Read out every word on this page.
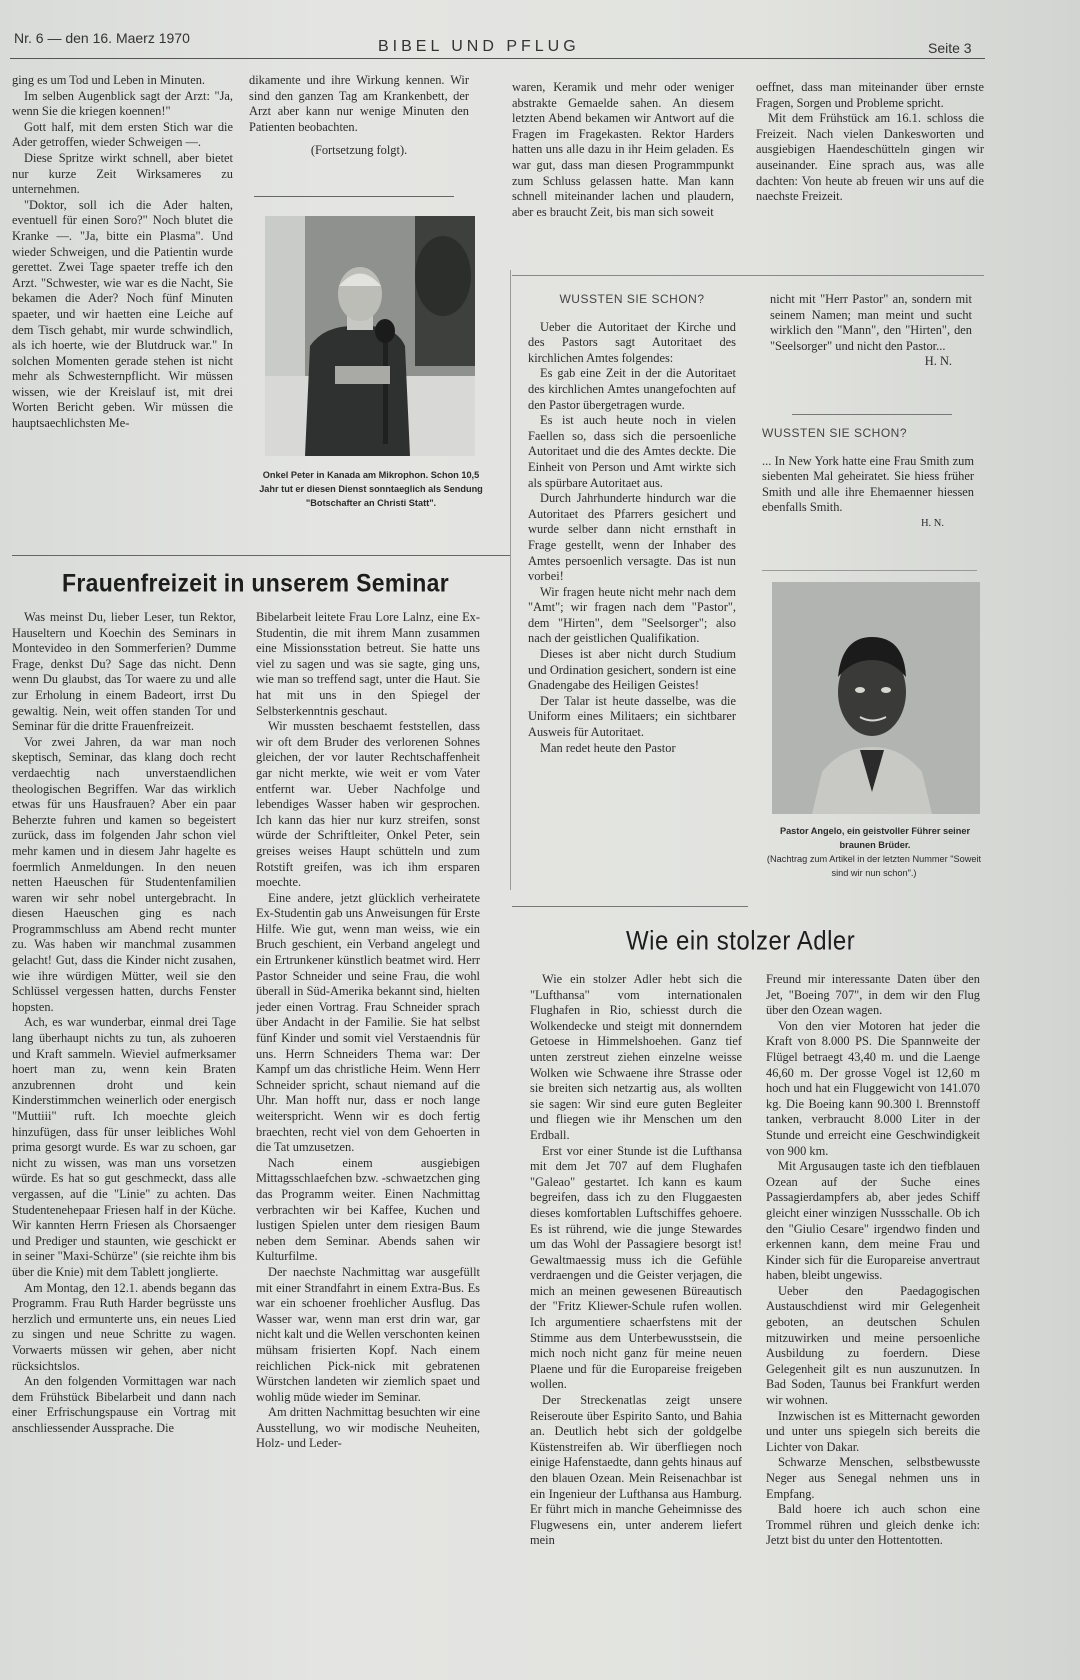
Nr. 6 — den 16. Maerz 1970	BIBEL UND PFLUG	Seite 3

ging es um Tod und Leben in Minuten.

Im selben Augenblick sagt der Arzt: "Ja, wenn Sie die kriegen koennen!"

Gott half, mit dem ersten Stich war die Ader getroffen, wieder Schweigen —.

Diese Spritze wirkt schnell, aber bietet nur kurze Zeit Wirksameres zu unternehmen.

"Doktor, soll ich die Ader halten, eventuell für einen Soro?" Noch blutet die Kranke —. "Ja, bitte ein Plasma". Und wieder Schweigen, und die Patientin wurde gerettet. Zwei Tage spaeter treffe ich den Arzt. "Schwester, wie war es die Nacht, Sie bekamen die Ader? Noch fünf Minuten spaeter, und wir haetten eine Leiche auf dem Tisch gehabt, mir wurde schwindlich, als ich hoerte, wie der Blutdruck war." In solchen Momenten gerade stehen ist nicht mehr als Schwesternpflicht. Wir müssen wissen, wie der Kreislauf ist, mit drei Worten Bericht geben. Wir müssen die hauptsaechlichsten Me-

dikamente und ihre Wirkung kennen. Wir sind den ganzen Tag am Krankenbett, der Arzt aber kann nur wenige Minuten den Patienten beobachten.

(Fortsetzung folgt).

Onkel Peter in Kanada am Mikrophon. Schon 10,5 Jahr tut er diesen Dienst sonntaeglich als Sendung "Botschafter an Christi Statt".

waren, Keramik und mehr oder weniger abstrakte Gemaelde sahen. An diesem letzten Abend bekamen wir Antwort auf die Fragen im Fragekasten. Rektor Harders hatten uns alle dazu in ihr Heim geladen. Es war gut, dass man diesen Programmpunkt zum Schluss gelassen hatte. Man kann schnell miteinander lachen und plaudern, aber es braucht Zeit, bis man sich soweit

oeffnet, dass man miteinander über ernste Fragen, Sorgen und Probleme spricht.

Mit dem Frühstück am 16.1. schloss die Freizeit. Nach vielen Dankesworten und ausgiebigen Haendeschütteln gingen wir auseinander. Eine sprach aus, was alle dachten: Von heute ab freuen wir uns auf die naechste Freizeit.

WUSSTEN SIE SCHON?

Ueber die Autoritaet der Kirche und des Pastors sagt Autoritaet des kirchlichen Amtes folgendes:

Es gab eine Zeit in der die Autoritaet des kirchlichen Amtes unangefochten auf den Pastor übergetragen wurde.

Es ist auch heute noch in vielen Faellen so, dass sich die persoenliche Autoritaet und die des Amtes deckte. Die Einheit von Person und Amt wirkte sich als spürbare Autoritaet aus.

Durch Jahrhunderte hindurch war die Autoritaet des Pfarrers gesichert und wurde selber dann nicht ernsthaft in Frage gestellt, wenn der Inhaber des Amtes persoenlich versagte. Das ist nun vorbei!

Wir fragen heute nicht mehr nach dem "Amt"; wir fragen nach dem "Pastor", dem "Hirten", dem "Seelsorger"; also nach der geistlichen Qualifikation.

Dieses ist aber nicht durch Studium und Ordination gesichert, sondern ist eine Gnadengabe des Heiligen Geistes!

Der Talar ist heute dasselbe, was die Uniform eines Militaers; ein sichtbarer Ausweis für Autoritaet.

Man redet heute den Pastor

nicht mit "Herr Pastor" an, sondern mit seinem Namen; man meint und sucht wirklich den "Mann", den "Hirten", den "Seelsorger" und nicht den Pastor...

H. N.
WUSSTEN SIE SCHON?

... In New York hatte eine Frau Smith zum siebenten Mal geheiratet. Sie hiess früher Smith und alle ihre Ehemaenner hiessen ebenfalls Smith.

H. N.
Pastor Angelo, ein geistvoller Führer seiner braunen Brüder.
(Nachtrag zum Artikel in der letzten Nummer "Soweit sind wir nun schon".)
Frauenfreizeit in unserem Seminar

Was meinst Du, lieber Leser, tun Rektor, Hauseltern und Koechin des Seminars in Montevideo in den Sommerferien? Dumme Frage, denkst Du? Sage das nicht. Denn wenn Du glaubst, das Tor waere zu und alle zur Erholung in einem Badeort, irrst Du gewaltig. Nein, weit offen standen Tor und Seminar für die dritte Frauenfreizeit.

Vor zwei Jahren, da war man noch skeptisch, Seminar, das klang doch recht verdaechtig nach unverstaendlichen theologischen Begriffen. War das wirklich etwas für uns Hausfrauen? Aber ein paar Beherzte fuhren und kamen so begeistert zurück, dass im folgenden Jahr schon viel mehr kamen und in diesem Jahr hagelte es foermlich Anmeldungen. In den neuen netten Haeuschen für Studentenfamilien waren wir sehr nobel untergebracht. In diesen Haeuschen ging es nach Programmschluss am Abend recht munter zu. Was haben wir manchmal zusammen gelacht! Gut, dass die Kinder nicht zusahen, wie ihre würdigen Mütter, weil sie den Schlüssel vergessen hatten, durchs Fenster hopsten.

Ach, es war wunderbar, einmal drei Tage lang überhaupt nichts zu tun, als zuhoeren und Kraft sammeln. Wieviel aufmerksamer hoert man zu, wenn kein Braten anzubrennen droht und kein Kinderstimmchen weinerlich oder energisch "Muttiii" ruft. Ich moechte gleich hinzufügen, dass für unser leibliches Wohl prima gesorgt wurde. Es war zu schoen, gar nicht zu wissen, was man uns vorsetzen würde. Es hat so gut geschmeckt, dass alle vergassen, auf die "Linie" zu achten. Das Studentenehepaar Friesen half in der Küche. Wir kannten Herrn Friesen als Chorsaenger und Prediger und staunten, wie geschickt er in seiner "Maxi-Schürze" (sie reichte ihm bis über die Knie) mit dem Tablett jonglierte.

Am Montag, den 12.1. abends begann das Programm. Frau Ruth Harder begrüsste uns herzlich und ermunterte uns, ein neues Lied zu singen und neue Schritte zu wagen. Vorwaerts müssen wir gehen, aber nicht rücksichtslos.

An den folgenden Vormittagen war nach dem Frühstück Bibelarbeit und dann nach einer Erfrischungspause ein Vortrag mit anschliessender Aussprache. Die

Bibelarbeit leitete Frau Lore Lalnz, eine Ex-Studentin, die mit ihrem Mann zusammen eine Missionsstation betreut. Sie hatte uns viel zu sagen und was sie sagte, ging uns, wie man so treffend sagt, unter die Haut. Sie hat mit uns in den Spiegel der Selbsterkenntnis geschaut.

Wir mussten beschaemt feststellen, dass wir oft dem Bruder des verlorenen Sohnes gleichen, der vor lauter Rechtschaffenheit gar nicht merkte, wie weit er vom Vater entfernt war. Ueber Nachfolge und lebendiges Wasser haben wir gesprochen. Ich kann das hier nur kurz streifen, sonst würde der Schriftleiter, Onkel Peter, sein greises weises Haupt schütteln und zum Rotstift greifen, was ich ihm ersparen moechte.

Eine andere, jetzt glücklich verheiratete Ex-Studentin gab uns Anweisungen für Erste Hilfe. Wie gut, wenn man weiss, wie ein Bruch geschient, ein Verband angelegt und ein Ertrunkener künstlich beatmet wird. Herr Pastor Schneider und seine Frau, die wohl überall in Süd-Amerika bekannt sind, hielten jeder einen Vortrag. Frau Schneider sprach über Andacht in der Familie. Sie hat selbst fünf Kinder und somit viel Verstaendnis für uns. Herrn Schneiders Thema war: Der Kampf um das christliche Heim. Wenn Herr Schneider spricht, schaut niemand auf die Uhr. Man hofft nur, dass er noch lange weiterspricht. Wenn wir es doch fertig braechten, recht viel von dem Gehoerten in die Tat umzusetzen.

Nach einem ausgiebigen Mittagsschlaefchen bzw. -schwaetzchen ging das Programm weiter. Einen Nachmittag verbrachten wir bei Kaffee, Kuchen und lustigen Spielen unter dem riesigen Baum neben dem Seminar. Abends sahen wir Kulturfilme.

Der naechste Nachmittag war ausgefüllt mit einer Strandfahrt in einem Extra-Bus. Es war ein schoener froehlicher Ausflug. Das Wasser war, wenn man erst drin war, gar nicht kalt und die Wellen verschonten keinen mühsam frisierten Kopf. Nach einem reichlichen Pick-nick mit gebratenen Würstchen landeten wir ziemlich spaet und wohlig müde wieder im Seminar.

Am dritten Nachmittag besuchten wir eine Ausstellung, wo wir modische Neuheiten, Holz- und Leder-

Wie ein stolzer Adler

Wie ein stolzer Adler hebt sich die "Lufthansa" vom internationalen Flughafen in Rio, schiesst durch die Wolkendecke und steigt mit donnerndem Getoese in Himmelshoehen. Ganz tief unten zerstreut ziehen einzelne weisse Wolken wie Schwaene ihre Strasse oder sie breiten sich netzartig aus, als wollten sie sagen: Wir sind eure guten Begleiter und fliegen wie ihr Menschen um den Erdball.

Erst vor einer Stunde ist die Lufthansa mit dem Jet 707 auf dem Flughafen "Galeao" gestartet. Ich kann es kaum begreifen, dass ich zu den Fluggaesten dieses komfortablen Luftschiffes gehoere. Es ist rührend, wie die junge Stewardes um das Wohl der Passagiere besorgt ist! Gewaltmaessig muss ich die Gefühle verdraengen und die Geister verjagen, die mich an meinen gewesenen Büreautisch der "Fritz Kliewer-Schule rufen wollen. Ich argumentiere schaerfstens mit der Stimme aus dem Unterbewusstsein, die mich noch nicht ganz für meine neuen Plaene und für die Europareise freigeben wollen.

Der Streckenatlas zeigt unsere Reiseroute über Espirito Santo, und Bahia an. Deutlich hebt sich der goldgelbe Küstenstreifen ab. Wir überfliegen noch einige Hafenstaedte, dann gehts hinaus auf den blauen Ozean. Mein Reisenachbar ist ein Ingenieur der Lufthansa aus Hamburg. Er führt mich in manche Geheimnisse des Flugwesens ein, unter anderem liefert mein

Freund mir interessante Daten über den Jet, "Boeing 707", in dem wir den Flug über den Ozean wagen.

Von den vier Motoren hat jeder die Kraft von 8.000 PS. Die Spannweite der Flügel betraegt 43,40 m. und die Laenge 46,60 m. Der grosse Vogel ist 12,60 m hoch und hat ein Fluggewicht von 141.070 kg. Die Boeing kann 90.300 l. Brennstoff tanken, verbraucht 8.000 Liter in der Stunde und erreicht eine Geschwindigkeit von 900 km.

Mit Argusaugen taste ich den tiefblauen Ozean auf der Suche eines Passagierdampfers ab, aber jedes Schiff gleicht einer winzigen Nussschalle. Ob ich den "Giulio Cesare" irgendwo finden und erkennen kann, dem meine Frau und Kinder sich für die Europareise anvertraut haben, bleibt ungewiss.

Ueber den Paedagogischen Austauschdienst wird mir Gelegenheit geboten, an deutschen Schulen mitzuwirken und meine persoenliche Ausbildung zu foerdern. Diese Gelegenheit gilt es nun auszunutzen. In Bad Soden, Taunus bei Frankfurt werden wir wohnen.

Inzwischen ist es Mitternacht geworden und unter uns spiegeln sich bereits die Lichter von Dakar.

Schwarze Menschen, selbstbewusste Neger aus Senegal nehmen uns in Empfang.

Bald hoere ich auch schon eine Trommel rühren und gleich denke ich: Jetzt bist du unter den Hottentotten.
